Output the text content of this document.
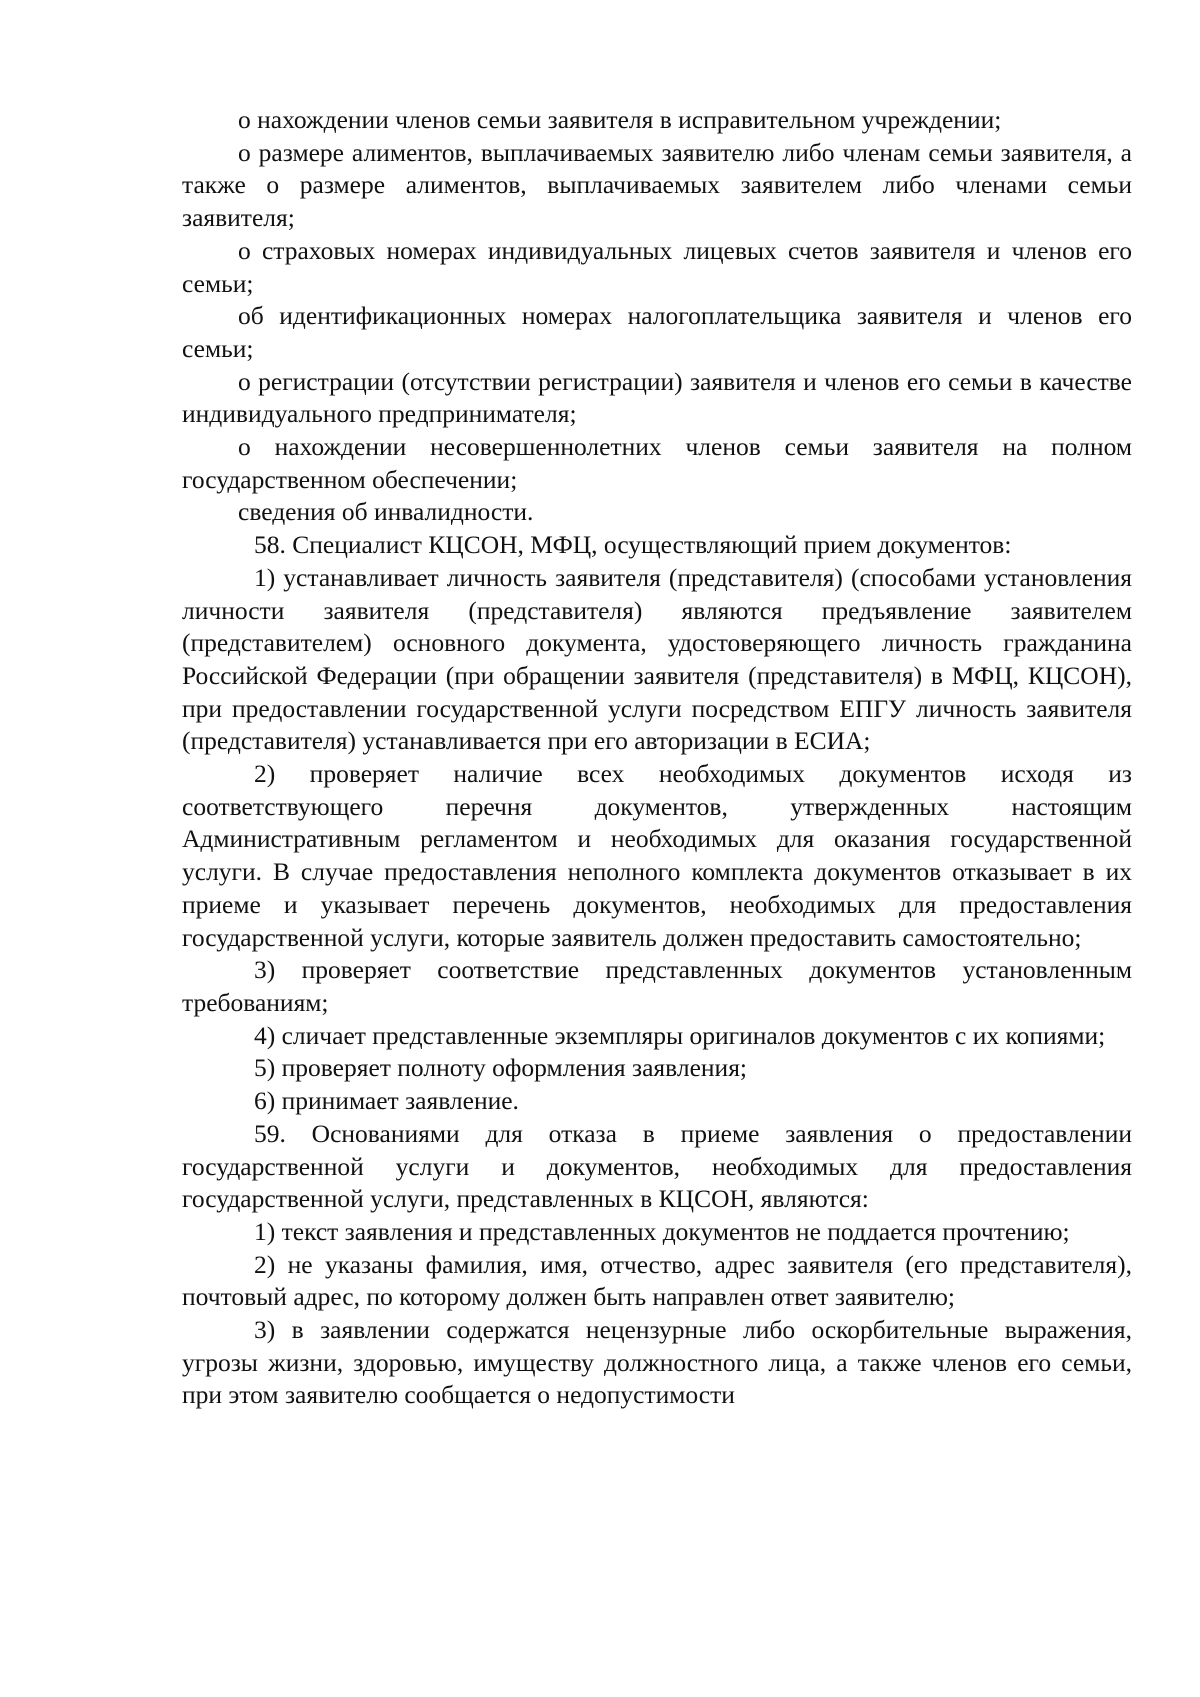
о нахождении членов семьи заявителя в исправительном учреждении;

о размере алиментов, выплачиваемых заявителю либо членам семьи заявителя, а также о размере алиментов, выплачиваемых заявителем либо членами семьи заявителя;

о страховых номерах индивидуальных лицевых счетов заявителя и членов его семьи;

об идентификационных номерах налогоплательщика заявителя и членов его семьи;

о регистрации (отсутствии регистрации) заявителя и членов его семьи в качестве индивидуального предпринимателя;

о нахождении несовершеннолетних членов семьи заявителя на полном государственном обеспечении;

сведения об инвалидности.

58. Специалист КЦСОН, МФЦ, осуществляющий прием документов:

1) устанавливает личность заявителя (представителя) (способами установления личности заявителя (представителя) являются предъявление заявителем (представителем) основного документа, удостоверяющего личность гражданина Российской Федерации (при обращении заявителя (представителя) в МФЦ, КЦСОН), при предоставлении государственной услуги посредством ЕПГУ личность заявителя (представителя) устанавливается при его авторизации в ЕСИА;

2) проверяет наличие всех необходимых документов исходя из соответствующего перечня документов, утвержденных настоящим Административным регламентом и необходимых для оказания государственной услуги. В случае предоставления неполного комплекта документов отказывает в их приеме и указывает перечень документов, необходимых для предоставления государственной услуги, которые заявитель должен предоставить самостоятельно;

3) проверяет соответствие представленных документов установленным требованиям;

4) сличает представленные экземпляры оригиналов документов с их копиями;

5) проверяет полноту оформления заявления;

6) принимает заявление.

59. Основаниями для отказа в приеме заявления о предоставлении государственной услуги и документов, необходимых для предоставления государственной услуги, представленных в КЦСОН, являются:

1) текст заявления и представленных документов не поддается прочтению;

2) не указаны фамилия, имя, отчество, адрес заявителя (его представителя), почтовый адрес, по которому должен быть направлен ответ заявителю;

3) в заявлении содержатся нецензурные либо оскорбительные выражения, угрозы жизни, здоровью, имуществу должностного лица, а также членов его семьи, при этом заявителю сообщается о недопустимости
